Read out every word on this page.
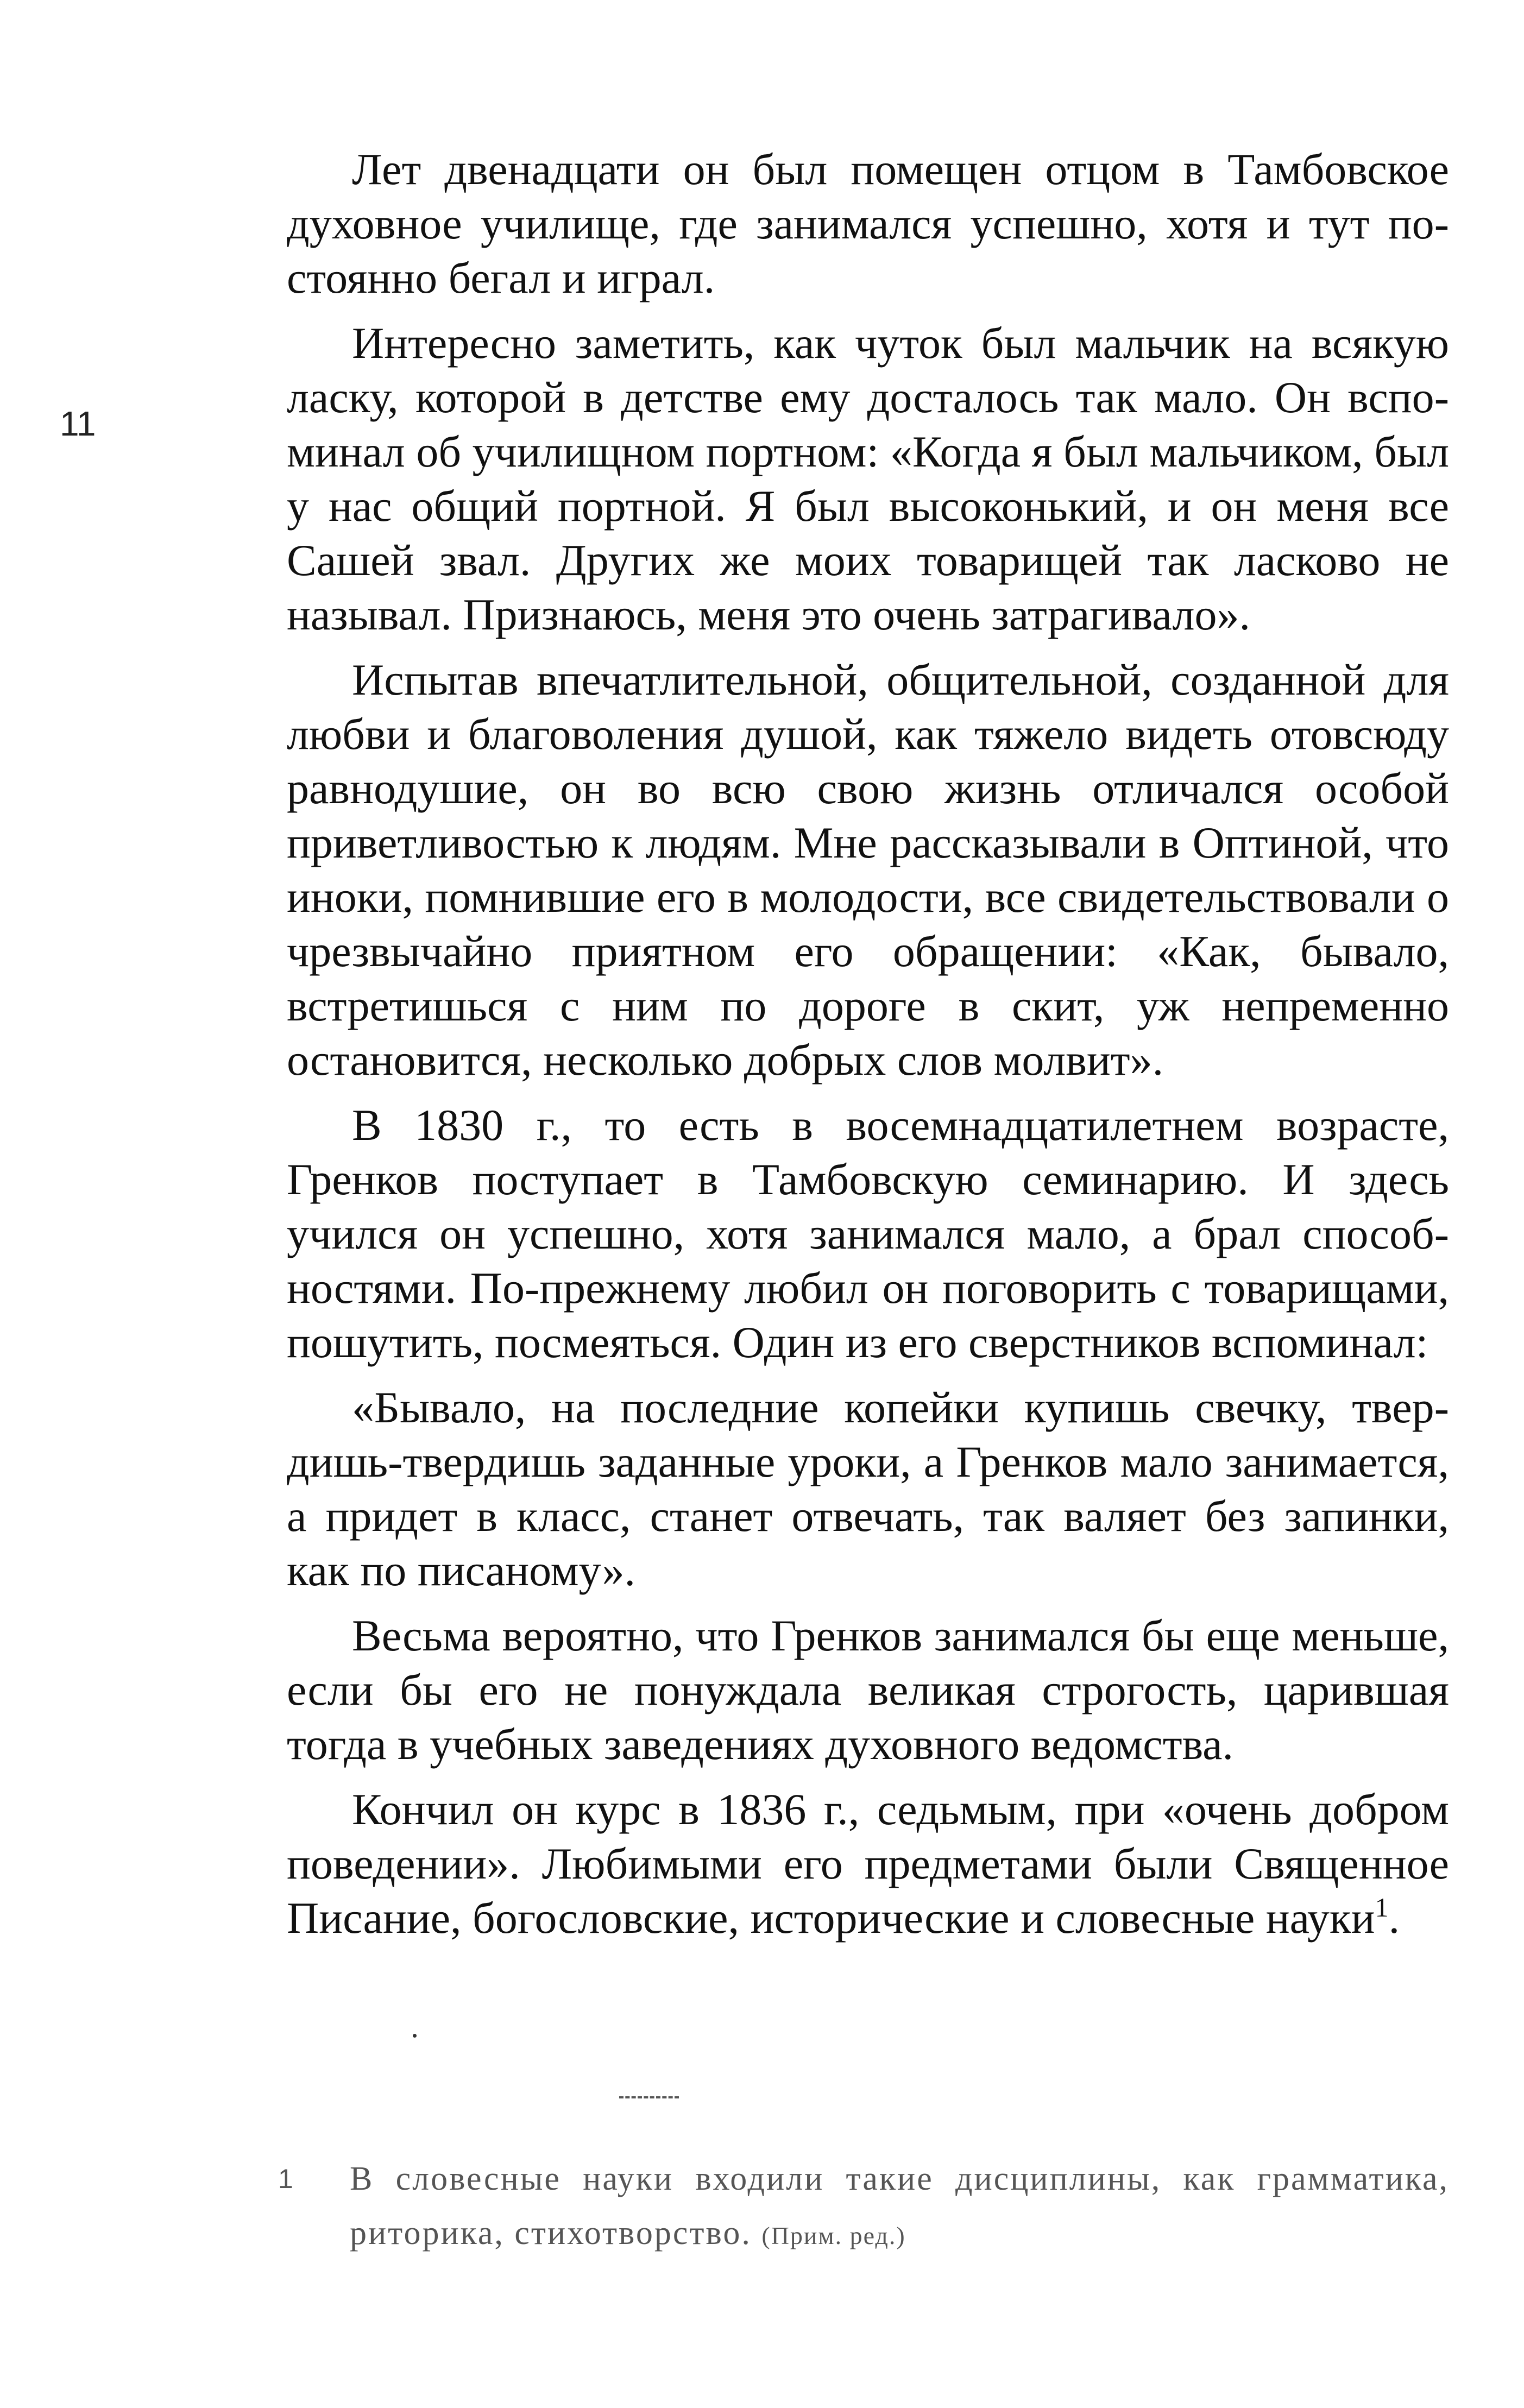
11

Лет двенадцати он был помещен отцом в Тамбовское духовное училище, где занимался успешно, хотя и тут постоянно бегал и играл.

Интересно заметить, как чуток был мальчик на всякую ласку, которой в детстве ему досталось так мало. Он вспоминал об училищном портном: «Когда я был мальчиком, был у нас общий портной. Я был высоконький, и он меня все Сашей звал. Других же моих товарищей так ласково не называл. Признаюсь, меня это очень затрагивало».

Испытав впечатлительной, общительной, созданной для любви и благоволения душой, как тяжело видеть отовсюду равнодушие, он во всю свою жизнь отличался особой приветливостью к людям. Мне рассказывали в Оптиной, что иноки, помнившие его в молодости, все свидетельствовали о чрезвычайно приятном его обращении: «Как, бывало, встретишься с ним по дороге в скит, уж непременно остановится, несколько добрых слов молвит».

В 1830 г., то есть в восемнадцатилетнем возрасте, Гренков поступает в Тамбовскую семинарию. И здесь учился он успешно, хотя занимался мало, а брал способностями. По-прежнему любил он поговорить с товарищами, пошутить, посмеяться. Один из его сверстников вспоминал:

«Бывало, на последние копейки купишь свечку, твердишь-твердишь заданные уроки, а Гренков мало занимается, а придет в класс, станет отвечать, так валяет без запинки, как по писаному».

Весьма вероятно, что Гренков занимался бы еще меньше, если бы его не понуждала великая строгость, царившая тогда в учебных заведениях духовного ведомства.

Кончил он курс в 1836 г., седьмым, при «очень добром поведении». Любимыми его предметами были Священное Писание, богословские, исторические и словесные науки$^1$.

1	В словесные науки входили такие дисциплины, как грамматика, риторика, стихотворство. (Прим. ред.)
